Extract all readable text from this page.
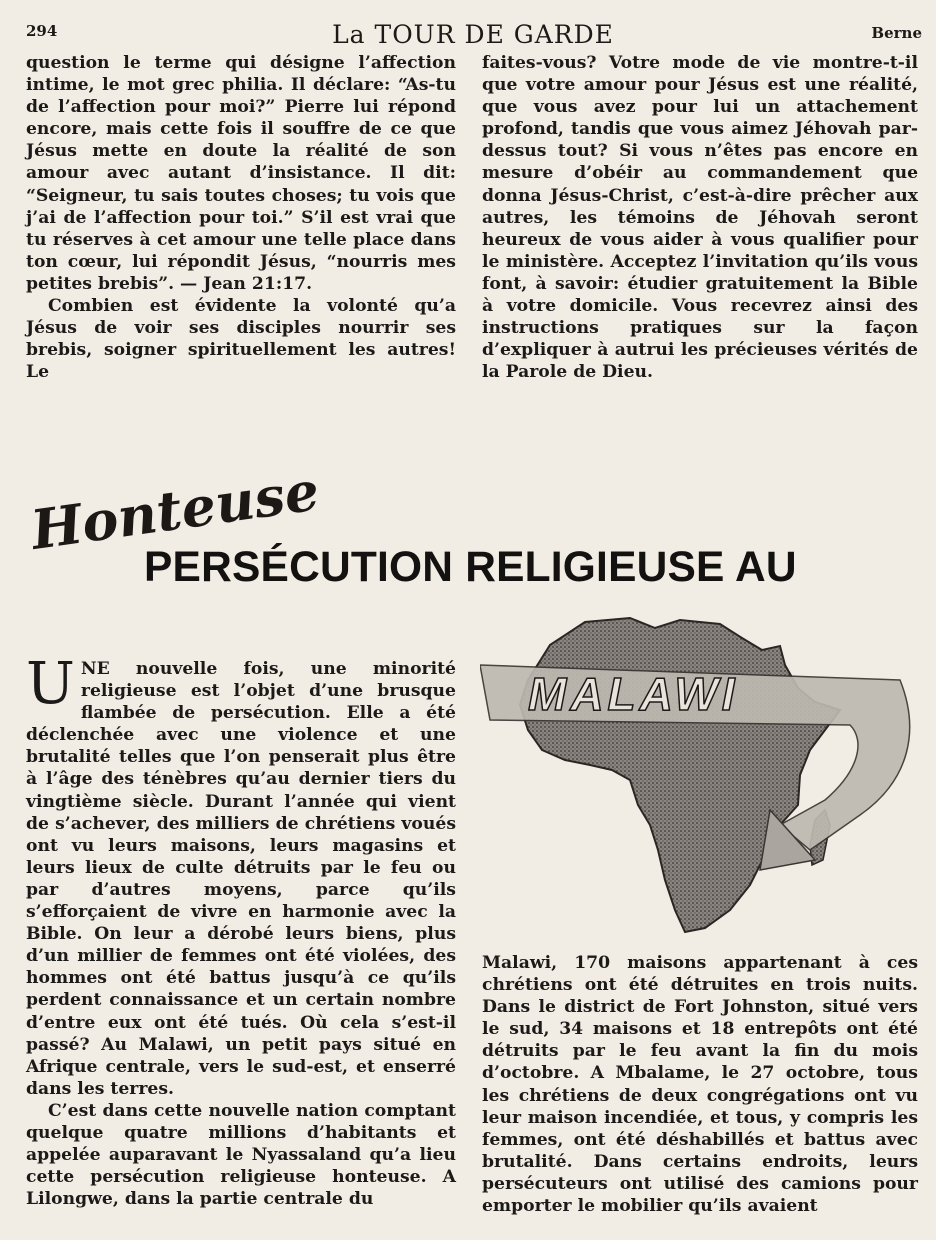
294	La TOUR DE GARDE	Berne

question le terme qui désigne l’affection intime, le mot grec philia. Il déclare: “As-tu de l’affection pour moi?” Pierre lui répond encore, mais cette fois il souffre de ce que Jésus mette en doute la réalité de son amour avec autant d’insistance. Il dit: “Seigneur, tu sais toutes choses; tu vois que j’ai de l’affection pour toi.” S’il est vrai que tu réserves à cet amour une telle place dans ton cœur, lui répondit Jésus, “nourris mes petites brebis”. — Jean 21:17.

Combien est évidente la volonté qu’a Jésus de voir ses disciples nourrir ses brebis, soigner spirituellement les autres! Le

faites-vous? Votre mode de vie montre-t-il que votre amour pour Jésus est une réalité, que vous avez pour lui un attachement profond, tandis que vous aimez Jéhovah par-dessus tout? Si vous n’êtes pas encore en mesure d’obéir au commandement que donna Jésus-Christ, c’est-à-dire prêcher aux autres, les témoins de Jéhovah seront heureux de vous aider à vous qualifier pour le ministère. Acceptez l’invitation qu’ils vous font, à savoir: étudier gratuitement la Bible à votre domicile. Vous recevrez ainsi des instructions pratiques sur la façon d’expliquer à autrui les précieuses vérités de la Parole de Dieu.

Honteuse
PERSÉCUTION RELIGIEUSE AU
MALAWI

UNE nouvelle fois, une minorité religieuse est l’objet d’une brusque flambée de persécution. Elle a été déclenchée avec une violence et une brutalité telles que l’on penserait plus être à l’âge des ténèbres qu’au dernier tiers du vingtième siècle. Durant l’année qui vient de s’achever, des milliers de chrétiens voués ont vu leurs maisons, leurs magasins et leurs lieux de culte détruits par le feu ou par d’autres moyens, parce qu’ils s’efforçaient de vivre en harmonie avec la Bible. On leur a dérobé leurs biens, plus d’un millier de femmes ont été violées, des hommes ont été battus jusqu’à ce qu’ils perdent connaissance et un certain nombre d’entre eux ont été tués. Où cela s’est-il passé? Au Malawi, un petit pays situé en Afrique centrale, vers le sud-est, et enserré dans les terres.

C’est dans cette nouvelle nation comptant quelque quatre millions d’habitants et appelée auparavant le Nyassaland qu’a lieu cette persécution religieuse honteuse. A Lilongwe, dans la partie centrale du

Malawi, 170 maisons appartenant à ces chrétiens ont été détruites en trois nuits. Dans le district de Fort Johnston, situé vers le sud, 34 maisons et 18 entrepôts ont été détruits par le feu avant la fin du mois d’octobre. A Mbalame, le 27 octobre, tous les chrétiens de deux congrégations ont vu leur maison incendiée, et tous, y compris les femmes, ont été déshabillés et battus avec brutalité. Dans certains endroits, leurs persécuteurs ont utilisé des camions pour emporter le mobilier qu’ils avaient
